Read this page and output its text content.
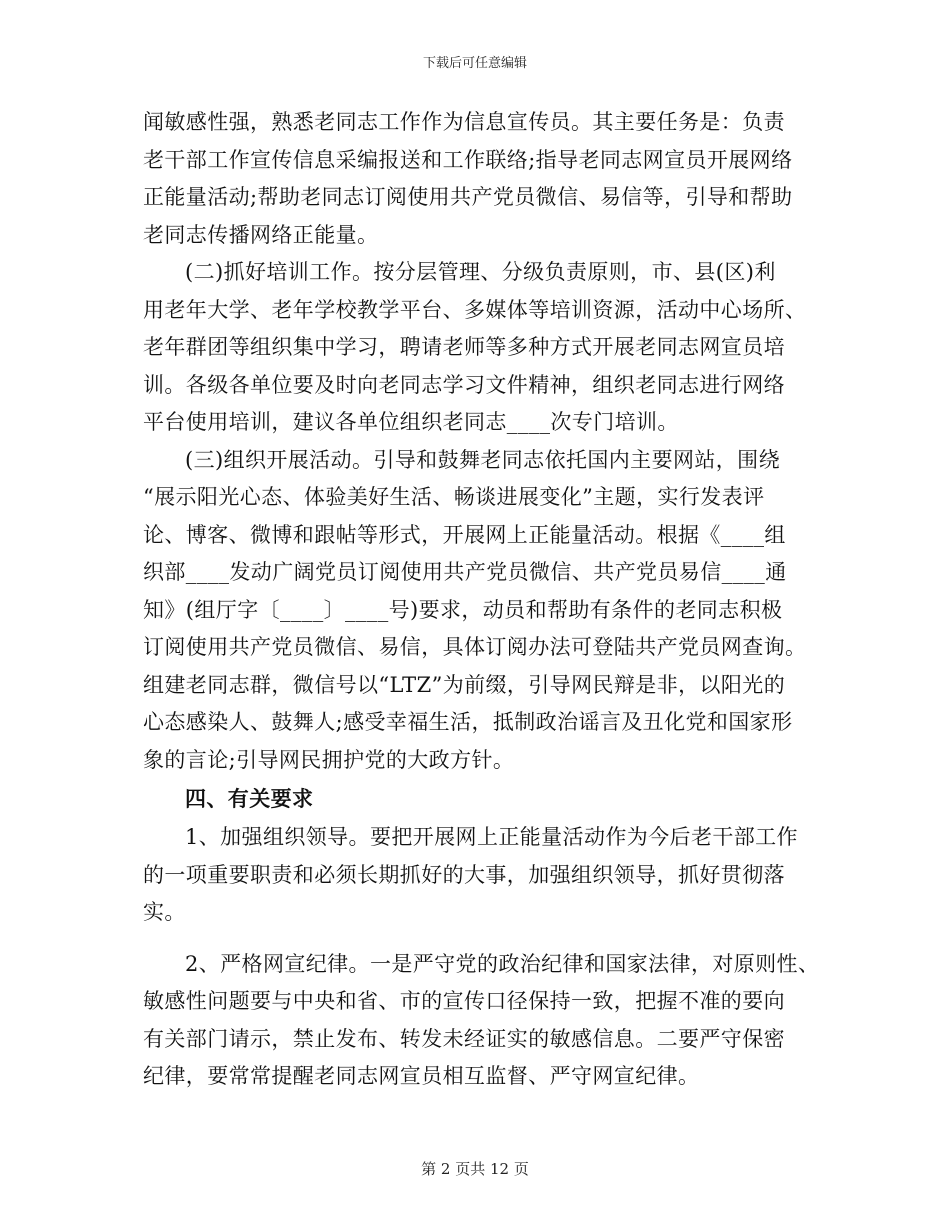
下载后可任意编辑
闻敏感性强，熟悉老同志工作作为信息宣传员。其主要任务是：负责
老干部工作宣传信息采编报送和工作联络;指导老同志网宣员开展网络
正能量活动;帮助老同志订阅使用共产党员微信、易信等，引导和帮助
老同志传播网络正能量。
(二)抓好培训工作。按分层管理、分级负责原则，市、县(区)利
用老年大学、老年学校教学平台、多媒体等培训资源，活动中心场所、
老年群团等组织集中学习，聘请老师等多种方式开展老同志网宣员培
训。各级各单位要及时向老同志学习文件精神，组织老同志进行网络
平台使用培训，建议各单位组织老同志____次专门培训。
(三)组织开展活动。引导和鼓舞老同志依托国内主要网站，围绕
“展示阳光心态、体验美好生活、畅谈进展变化”主题，实行发表评
论、博客、微博和跟帖等形式，开展网上正能量活动。根据《____组
织部____发动广阔党员订阅使用共产党员微信、共产党员易信____通
知》(组厅字〔____〕____号)要求，动员和帮助有条件的老同志积极
订阅使用共产党员微信、易信，具体订阅办法可登陆共产党员网查询。
组建老同志群，微信号以“LTZ”为前缀，引导网民辩是非，以阳光的
心态感染人、鼓舞人;感受幸福生活，抵制政治谣言及丑化党和国家形
象的言论;引导网民拥护党的大政方针。
四、有关要求
1、加强组织领导。要把开展网上正能量活动作为今后老干部工作
的一项重要职责和必须长期抓好的大事，加强组织领导，抓好贯彻落
实。
2、严格网宣纪律。一是严守党的政治纪律和国家法律，对原则性、
敏感性问题要与中央和省、市的宣传口径保持一致，把握不准的要向
有关部门请示，禁止发布、转发未经证实的敏感信息。二要严守保密
纪律，要常常提醒老同志网宣员相互监督、严守网宣纪律。
第 2 页共 12 页
